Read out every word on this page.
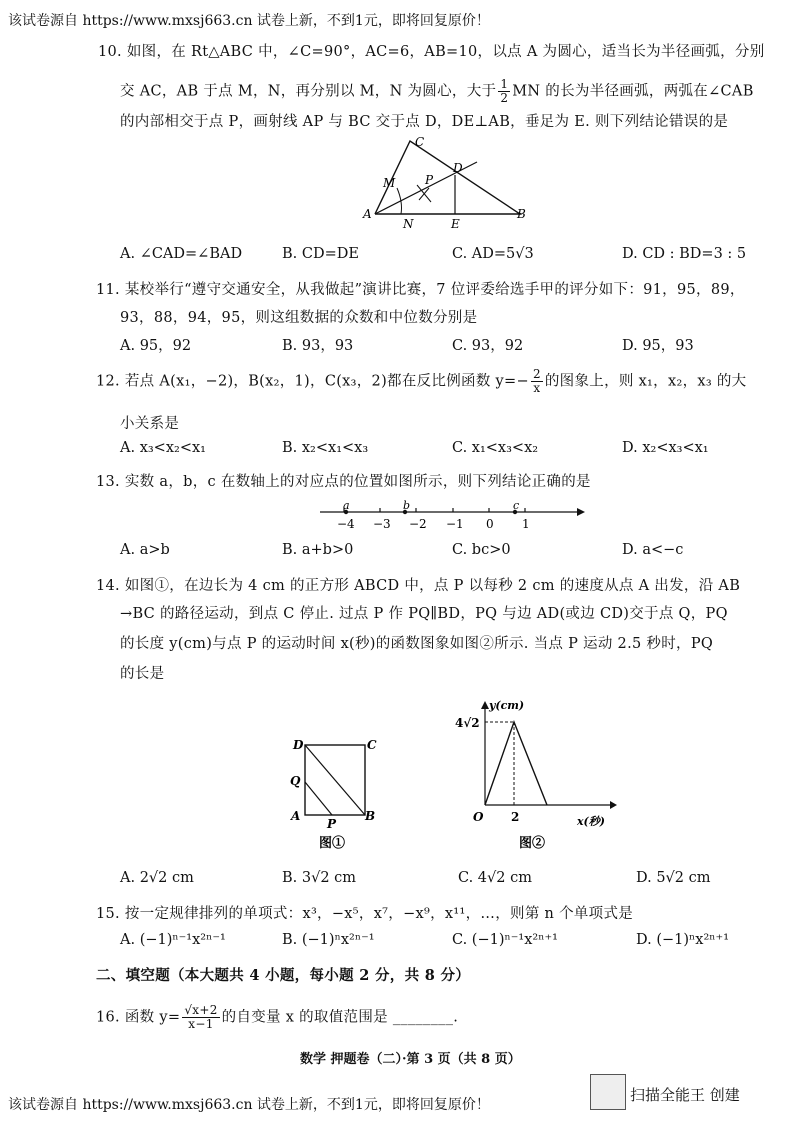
该试卷源自 https://www.mxsj663.cn 试卷上新，不到1元，即将回复原价！
10. 如图，在 Rt△ABC 中，∠C=90°，AC=6，AB=10，以点 A 为圆心，适当长为半径画弧，分别
交 AC，AB 于点 M，N，再分别以 M，N 为圆心，大于 $\frac{1}{2}$ MN 的长为半径画弧，两弧在∠CAB
的内部相交于点 P，画射线 AP 与 BC 交于点 D，DE⊥AB，垂足为 E. 则下列结论错误的是
C
D
M P
A
N	E
B
A. ∠CAD=∠BAD	B. CD=DE	C. AD=5√3	D. CD : BD=3 : 5
11. 某校举行“遵守交通安全，从我做起”演讲比赛，7 位评委给选手甲的评分如下：91，95，89，
93，88，94，95，则这组数据的众数和中位数分别是
A. 95，92	B. 93，93	C. 93，92	D. 95，93
12. 若点 A(x₁，−2)，B(x₂，1)，C(x₃，2)都在反比例函数 $y=- \frac{2}{x}$ 的图象上，则 x₁，x₂，x₃ 的大
小关系是
A. x₃<x₂<x₁	B. x₂<x₁<x₃	C. x₁<x₃<x₂	D. x₂<x₃<x₁
13. 实数 a，b，c 在数轴上的对应点的位置如图所示，则下列结论正确的是
a	b	c
−4 −3 −2 −1 0 1
A. a>b	B. a+b>0	C. bc>0	D. a<−c
14. 如图①，在边长为 4 cm 的正方形 ABCD 中，点 P 以每秒 2 cm 的速度从点 A 出发，沿 AB
→BC 的路径运动，到点 C 停止. 过点 P 作 PQ∥BD，PQ 与边 AD(或边 CD)交于点 Q，PQ
的长度 y(cm)与点 P 的运动时间 x(秒)的函数图象如图②所示. 当点 P 运动 2.5 秒时，PQ
的长是
D	C
Q
A
P
B
图①
y(cm)
4√2
O 2	x(秒)
图②
A. 2√2 cm	B. 3√2 cm	C. 4√2 cm	D. 5√2 cm
15. 按一定规律排列的单项式：x³，−x⁵，x⁷，−x⁹，x¹¹，…，则第 n 个单项式是
A. (−1)ⁿ⁻¹x²ⁿ⁻¹	B. (−1)ⁿx²ⁿ⁻¹	C. (−1)ⁿ⁻¹x²ⁿ⁺¹	D. (−1)ⁿx²ⁿ⁺¹
二、填空题（本大题共 4 小题，每小题 2 分，共 8 分）
16. 函数 $y= \frac{√x+2}{x-1}$ 的自变量 x 的取值范围是 ________.
数学 押题卷（二）·第 3 页（共 8 页）
该试卷源自 https://www.mxsj663.cn 试卷上新，不到1元，即将回复原价！
扫描全能王 创建
